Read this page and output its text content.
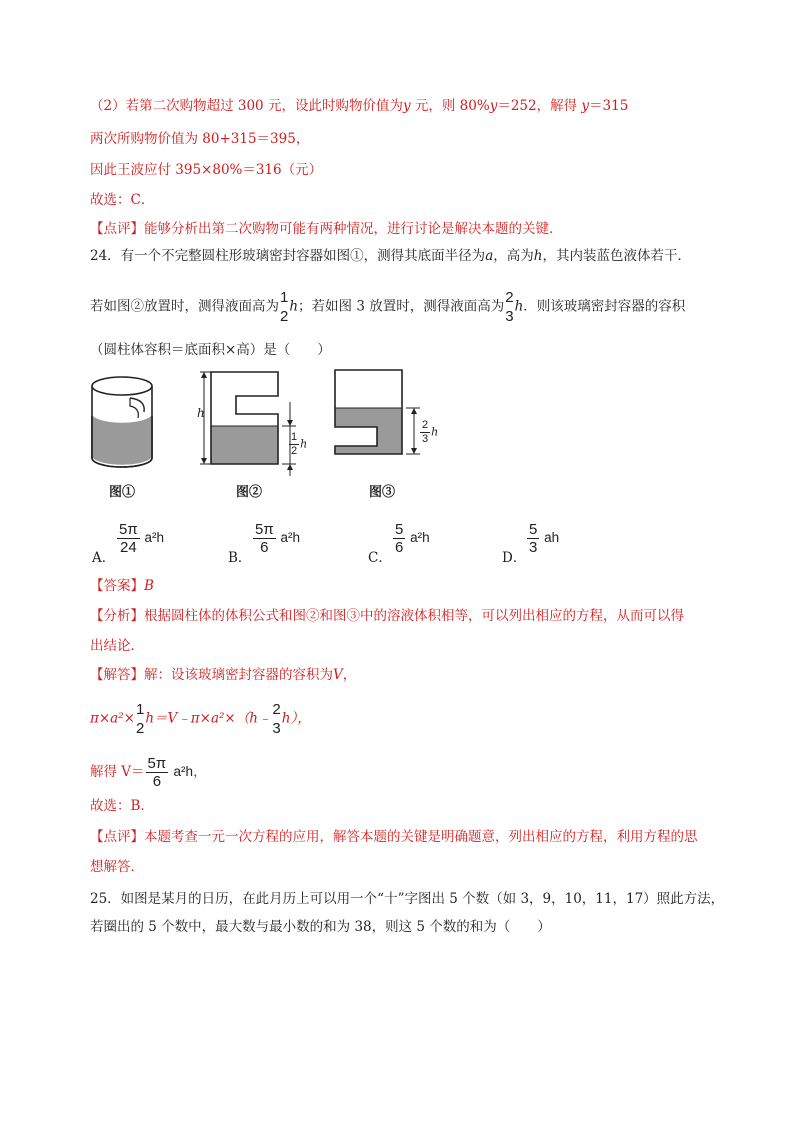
（2）若第二次购物超过 300 元，设此时购物价值为y 元，则 80%y＝252，解得 y＝315
两次所购物价值为 80+315＝395，
因此王波应付 395×80%＝316（元）
故选：C．
【点评】能够分析出第二次购物可能有两种情况，进行讨论是解决本题的关键．
24．有一个不完整圆柱形玻璃密封容器如图①，测得其底面半径为a，高为h，其内装蓝色液体若干．
若如图②放置时，测得液面高为
1
2
h；若如图 3 放置时，测得液面高为
2
3
h．则该玻璃密封容器的容积
（圆柱体容积＝底面积×高）是（　　）
图①
h
$\frac{1}{2}$ h
图②
$\frac{2}{3}$ h
图③
A．
$\frac{5\pi}{24} a^2h$
B．
$\frac{5\pi}{6} a^2h$
C．
$\frac{5}{6} a^2h$
D．
$\frac{5}{3}$ ah
【答案】B
【分析】根据圆柱体的体积公式和图②和图③中的溶液体积相等，可以列出相应的方程，从而可以得
出结论．
【解答】解：设该玻璃密封容器的容积为V，
π×a²×
1
2
h＝V﹣π×a²×（h﹣
2
3
h），
解得 $V= \frac{5\pi}{6} a^2h$，
故选：B．
【点评】本题考查一元一次方程的应用，解答本题的关键是明确题意，列出相应的方程，利用方程的思
想解答．
25．如图是某月的日历，在此月历上可以用一个“十”字图出 5 个数（如 3，9，10，11，17）照此方法，
若圈出的 5 个数中，最大数与最小数的和为 38，则这 5 个数的和为（　　）
